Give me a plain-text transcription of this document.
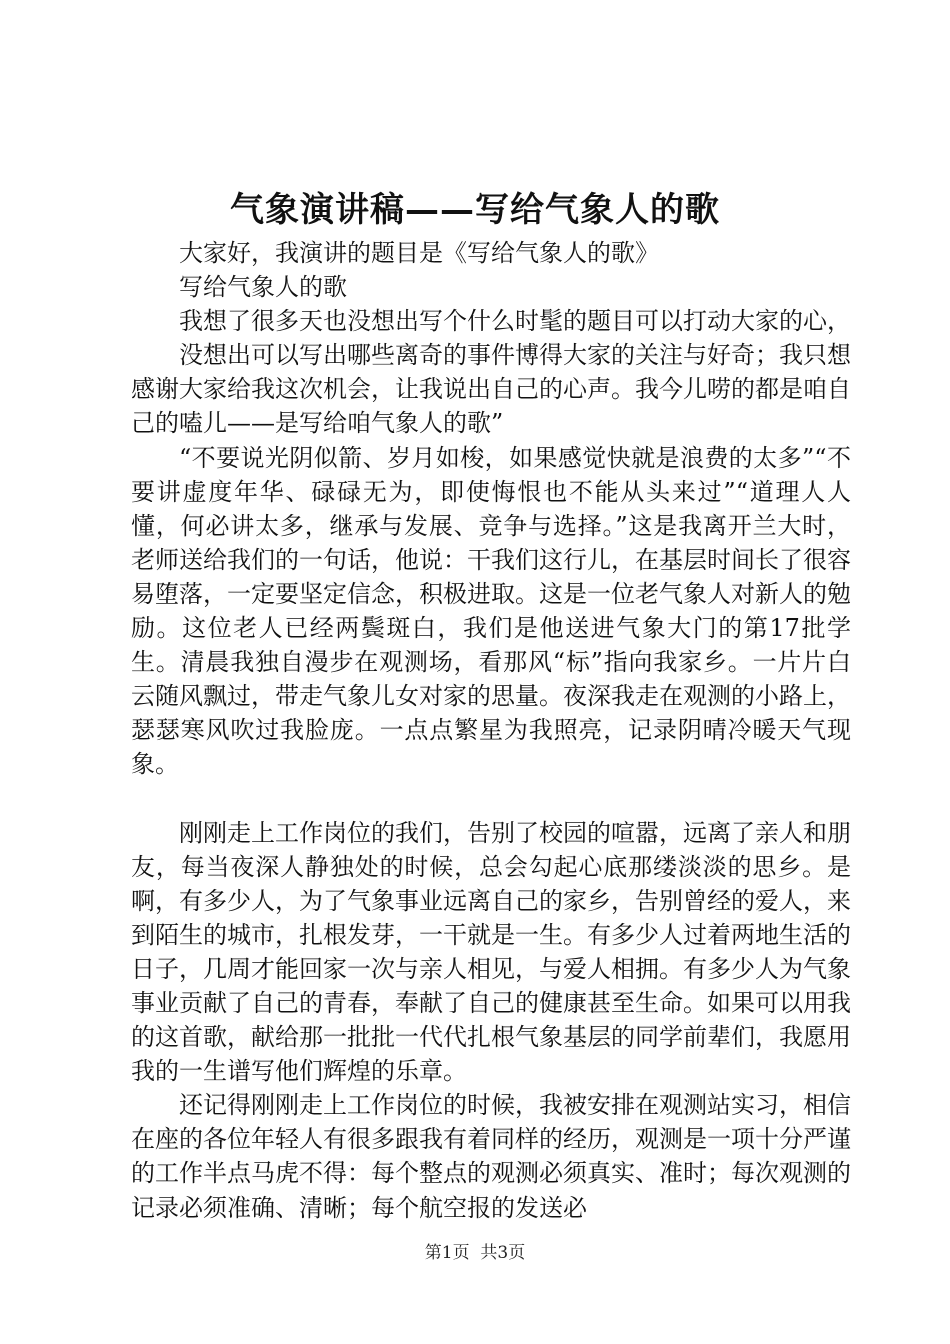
气象演讲稿——写给气象人的歌

大家好，我演讲的题目是《写给气象人的歌》

写给气象人的歌

我想了很多天也没想出写个什么时髦的题目可以打动大家的心，

没想出可以写出哪些离奇的事件博得大家的关注与好奇；我只想感谢大家给我这次机会，让我说出自己的心声。我今儿唠的都是咱自己的嗑儿——是写给咱气象人的歌”

“不要说光阴似箭、岁月如梭，如果感觉快就是浪费的太多”“不要讲虚度年华、碌碌无为，即使悔恨也不能从头来过”“道理人人懂，何必讲太多，继承与发展、竞争与选择。”这是我离开兰大时，老师送给我们的一句话，他说：干我们这行儿，在基层时间长了很容易堕落，一定要坚定信念，积极进取。这是一位老气象人对新人的勉励。这位老人已经两鬓斑白，我们是他送进气象大门的第17批学生。清晨我独自漫步在观测场，看那风“标”指向我家乡。一片片白云随风飘过，带走气象儿女对家的思量。夜深我走在观测的小路上，瑟瑟寒风吹过我脸庞。一点点繁星为我照亮，记录阴晴冷暖天气现象。

刚刚走上工作岗位的我们，告别了校园的喧嚣，远离了亲人和朋友，每当夜深人静独处的时候，总会勾起心底那缕淡淡的思乡。是啊，有多少人，为了气象事业远离自己的家乡，告别曾经的爱人，来到陌生的城市，扎根发芽，一干就是一生。有多少人过着两地生活的日子，几周才能回家一次与亲人相见，与爱人相拥。有多少人为气象事业贡献了自己的青春，奉献了自己的健康甚至生命。如果可以用我的这首歌，献给那一批批一代代扎根气象基层的同学前辈们，我愿用我的一生谱写他们辉煌的乐章。

还记得刚刚走上工作岗位的时候，我被安排在观测站实习，相信在座的各位年轻人有很多跟我有着同样的经历，观测是一项十分严谨的工作半点马虎不得：每个整点的观测必须真实、准时；每次观测的记录必须准确、清晰；每个航空报的发送必

第1页 共3页
